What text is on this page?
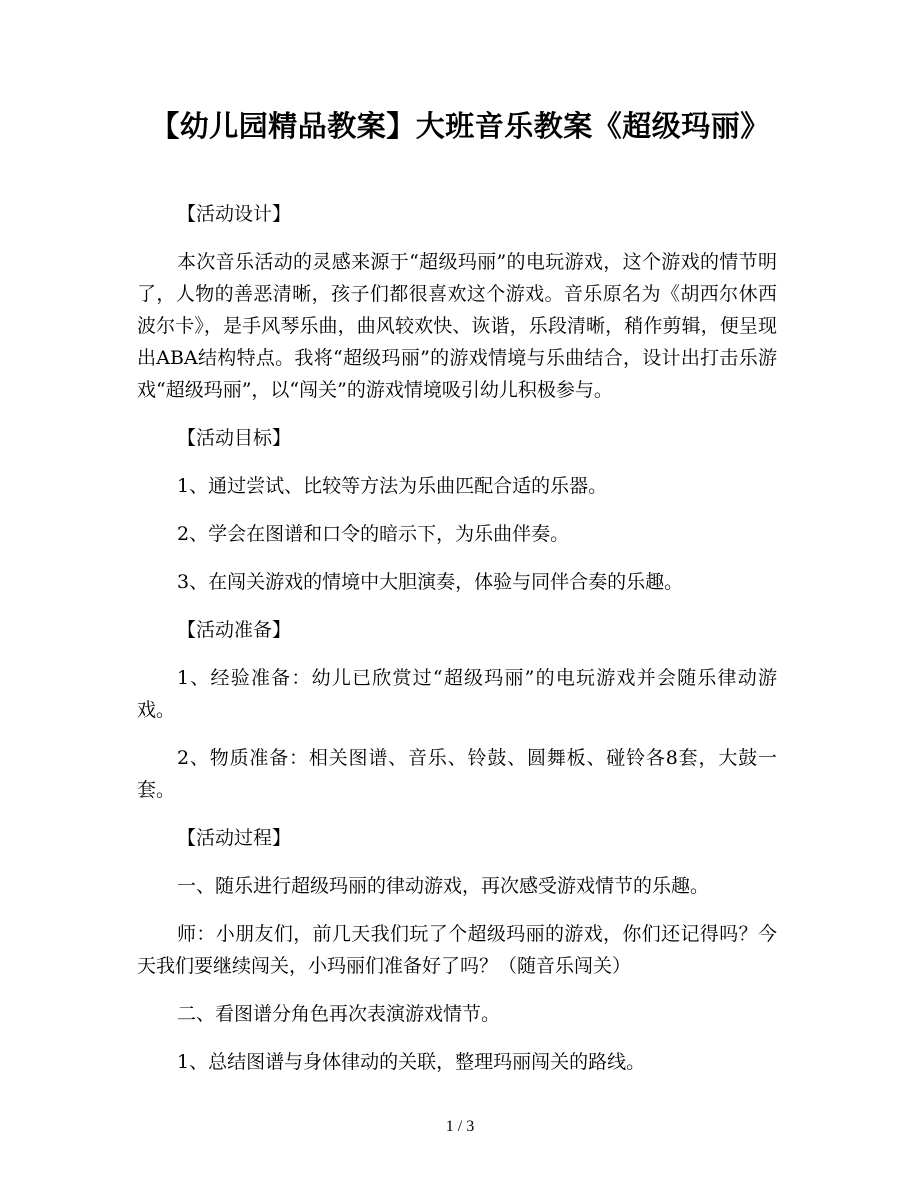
【幼儿园精品教案】大班音乐教案《超级玛丽》

【活动设计】

本次音乐活动的灵感来源于“超级玛丽”的电玩游戏，这个游戏的情节明了，人物的善恶清晰，孩子们都很喜欢这个游戏。音乐原名为《胡西尔休西波尔卡》，是手风琴乐曲，曲风较欢快、诙谐，乐段清晰，稍作剪辑，便呈现出ABA结构特点。我将“超级玛丽”的游戏情境与乐曲结合，设计出打击乐游戏“超级玛丽”，以“闯关”的游戏情境吸引幼儿积极参与。

【活动目标】

1、通过尝试、比较等方法为乐曲匹配合适的乐器。

2、学会在图谱和口令的暗示下，为乐曲伴奏。

3、在闯关游戏的情境中大胆演奏，体验与同伴合奏的乐趣。

【活动准备】

1、经验准备：幼儿已欣赏过“超级玛丽”的电玩游戏并会随乐律动游戏。

2、物质准备：相关图谱、音乐、铃鼓、圆舞板、碰铃各8套，大鼓一套。

【活动过程】

一、随乐进行超级玛丽的律动游戏，再次感受游戏情节的乐趣。

师：小朋友们，前几天我们玩了个超级玛丽的游戏，你们还记得吗？今天我们要继续闯关，小玛丽们准备好了吗？（随音乐闯关）

二、看图谱分角色再次表演游戏情节。

1、总结图谱与身体律动的关联，整理玛丽闯关的路线。

1 / 3
